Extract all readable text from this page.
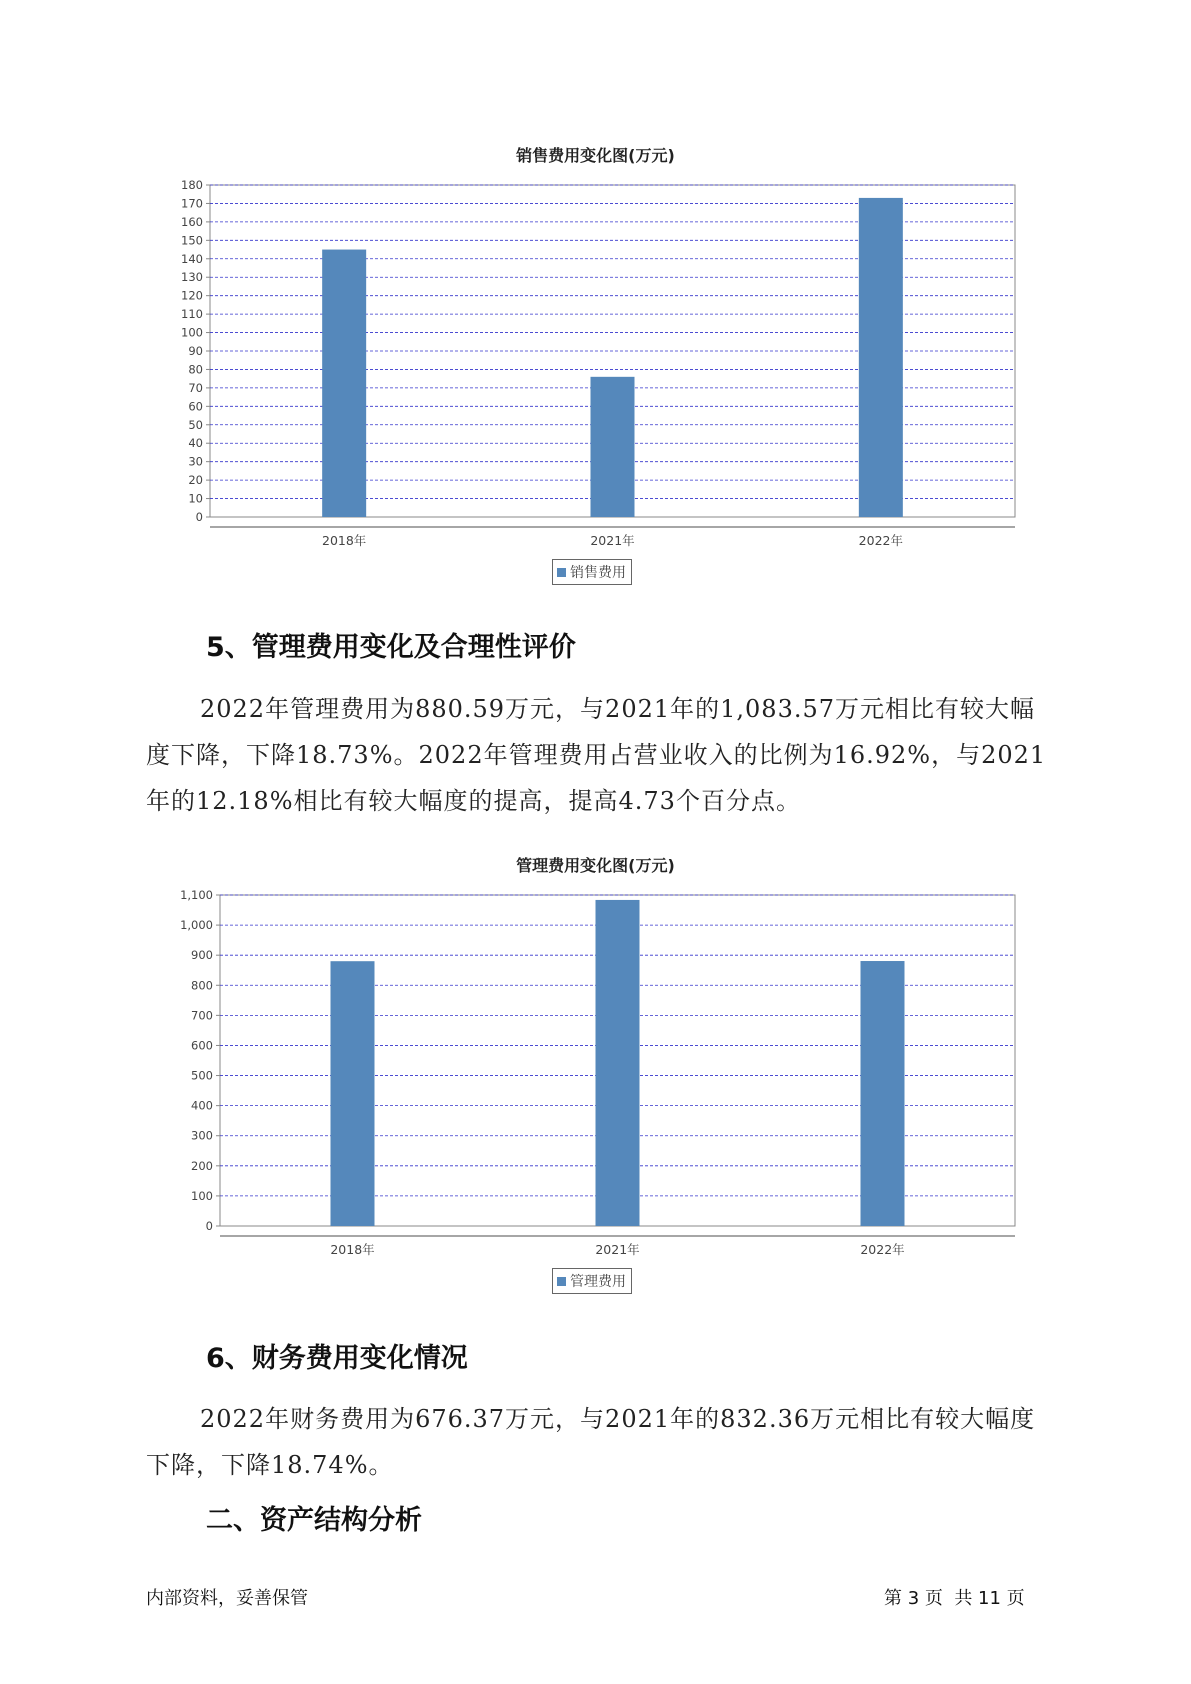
销售费用变化图(万元)
0
10
20
30
40
50
60
70
80
90
100
110
120
130
140
150
160
170
180
2018年	2021年	2022年
销售费用
5、管理费用变化及合理性评价
2022年管理费用为880.59万元，与2021年的1,083.57万元相比有较大幅度下降，下降18.73%。2022年管理费用占营业收入的比例为16.92%，与2021年的12.18%相比有较大幅度的提高，提高4.73个百分点。
管理费用变化图(万元)
0
100
200
300
400
500
600
700
800
900
1,000
1,100
2018年	2021年	2022年
管理费用
6、财务费用变化情况
2022年财务费用为676.37万元，与2021年的832.36万元相比有较大幅度下降，下降18.74%。
二、资产结构分析
内部资料，妥善保管	第 3 页  共 11 页
